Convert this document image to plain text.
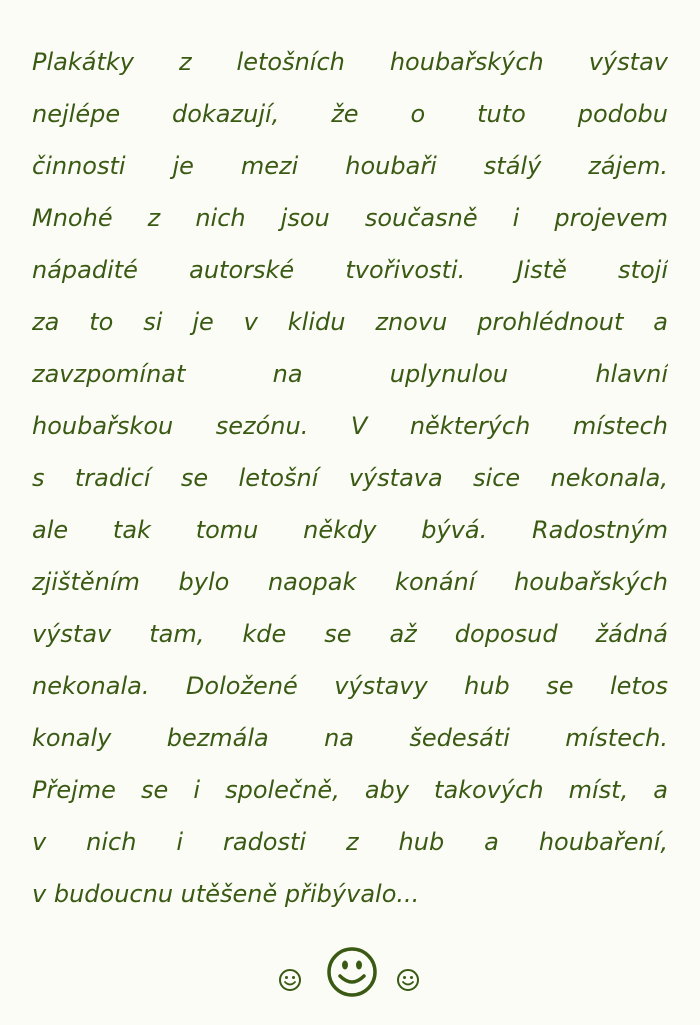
Plakátky z letošních houbařských výstav
nejlépe dokazují, že o tuto podobu
činnosti je mezi houbaři stálý zájem.
Mnohé z nich jsou současně i projevem
nápadité autorské tvořivosti. Jistě stojí
za to si je v klidu znovu prohlédnout a
zavzpomínat na uplynulou hlavní
houbařskou sezónu. V některých místech
s tradicí se letošní výstava sice nekonala,
ale tak tomu někdy bývá. Radostným
zjištěním bylo naopak konání houbařských
výstav tam, kde se až doposud žádná
nekonala. Doložené výstavy hub se letos
konaly bezmála na šedesáti místech.
Přejme se i společně, aby takových míst, a
v nich i radosti z hub a houbaření,
v budoucnu utěšeně přibývalo...
